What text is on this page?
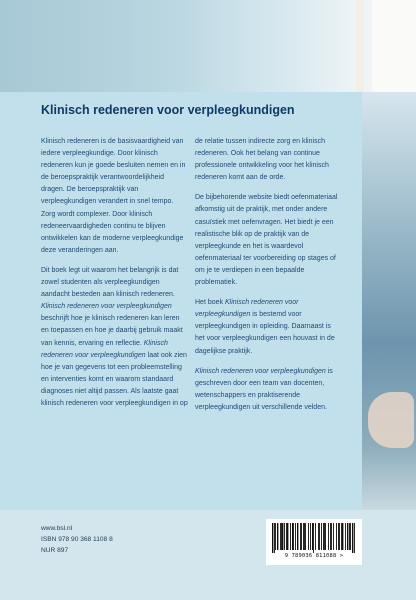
Klinisch redeneren voor verpleegkundigen

Klinisch redeneren is de basisvaardigheid van iedere verpleegkundige. Door klinisch redeneren kun je goede besluiten nemen en in de beroepspraktijk verantwoordelijkheid dragen. De beroepspraktijk van verpleegkundigen verandert in snel tempo. Zorg wordt complexer. Door klinisch redeneervaardigheden continu te blijven ontwikkelen kan de moderne verpleegkundige deze veranderingen aan.

Dit boek legt uit waarom het belangrijk is dat zowel studenten als verpleegkundigen aandacht besteden aan klinisch redeneren. Klinisch redeneren voor verpleegkundigen beschrijft hoe je klinisch redeneren kan leren en toepassen en hoe je daarbij gebruik maakt van kennis, ervaring en reflectie. Klinisch redeneren voor verpleegkundigen laat ook zien hoe je van gegevens tot een probleemstelling en interventies komt en waarom standaard diagnoses niet altijd passen. Als laatste gaat klinisch redeneren voor verpleegkundigen in op

de relatie tussen indirecte zorg en klinisch redeneren. Ook het belang van continue professionele ontwikkeling voor het klinisch redeneren komt aan de orde.

De bijbehorende website biedt oefenmateriaal afkomstig uit de praktijk, met onder andere casuïstiek met oefenvragen. Het biedt je een realistische blik op de praktijk van de verpleegkunde en het is waardevol oefenmateriaal ter voorbereiding op stages of om je te verdiepen in een bepaalde problematiek.

Het boek Klinisch redeneren voor verpleegkundigen is bestemd voor verpleegkundigen in opleiding. Daarnaast is het voor verpleegkundigen een houvast in de dagelijkse praktijk.

Klinisch redeneren voor verpleegkundigen is geschreven door een team van docenten, wetenschappers en praktiserende verpleegkundigen uit verschillende velden.

www.bsl.nl
ISBN 978 90 368 1108 8
NUR 897
9 789036 811088 >
